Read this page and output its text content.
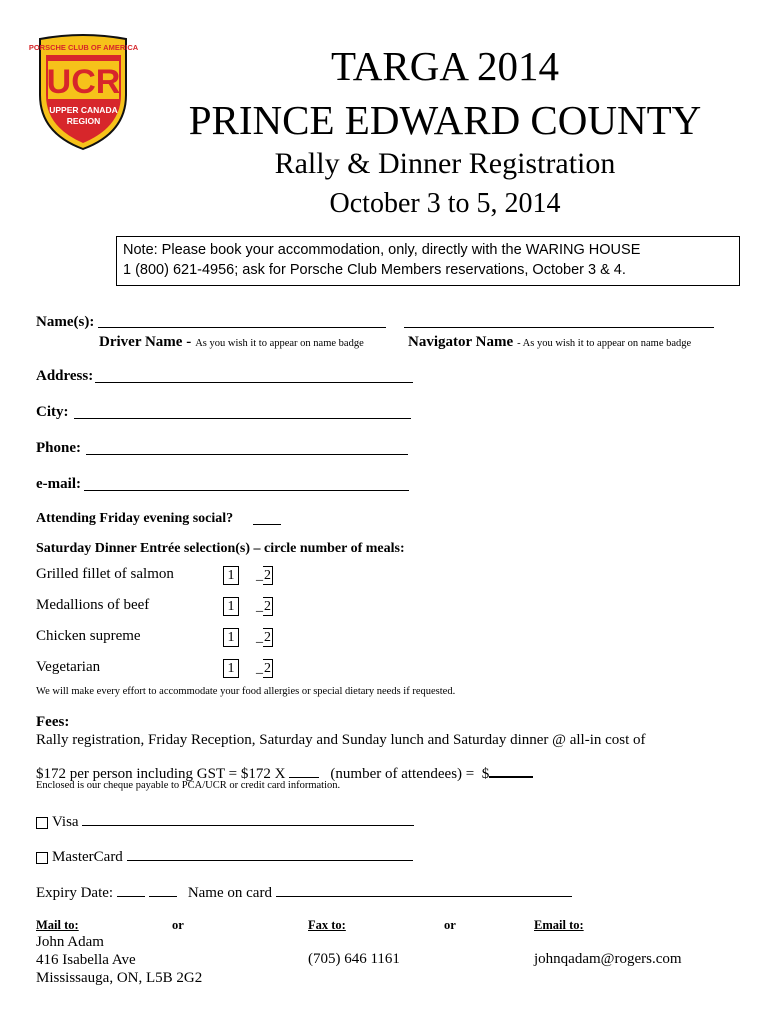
UCR
PORSCHE CLUB OF AMERICA
UPPER CANADA
REGION
TARGA 2014
PRINCE EDWARD COUNTY
Rally & Dinner Registration
October 3 to 5, 2014
Note: Please book your accommodation, only, directly with the WARING HOUSE
1 (800) 621-4956; ask for Porsche Club Members reservations, October 3 & 4.
Name(s):
Driver Name - As you wish it to appear on name badge	Navigator Name - As you wish it to appear on name badge
Address:
City:
Phone:
e-mail:
Attending Friday evening social?
Saturday Dinner Entrée selection(s) – circle number of meals:
Grilled fillet of salmon	1	_2
Medallions of beef	1	_2
Chicken supreme	1	_2
Vegetarian	1	_2
We will make every effort to accommodate your food allergies or special dietary needs if requested.
Fees:
Rally registration, Friday Reception, Saturday and Sunday lunch and Saturday dinner @ all-in cost of
$172 per person including GST = $172 X	(number of attendees) = $
Enclosed is our cheque payable to PCA/UCR or credit card information.
Visa
MasterCard
Expiry Date:	Name on card
Mail to:	or	Fax to:	or	Email to:
John Adam
416 Isabella Ave
Mississauga, ON, L5B 2G2
(705) 646 1161	johnqadam@rogers.com
